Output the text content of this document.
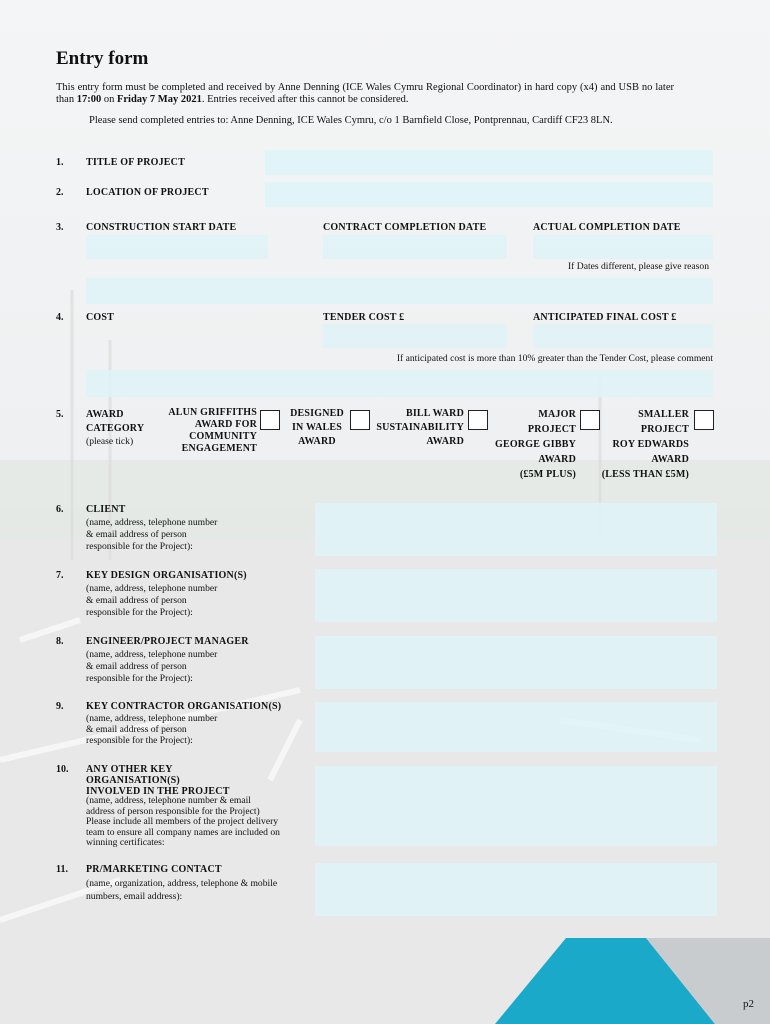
Entry form
This entry form must be completed and received by Anne Denning (ICE Wales Cymru Regional Coordinator) in hard copy (x4) and USB no later than 17:00 on Friday 7 May 2021. Entries received after this cannot be considered.
Please send completed entries to: Anne Denning, ICE Wales Cymru, c/o 1 Barnfield Close, Pontprennau, Cardiff CF23 8LN.
1. TITLE OF PROJECT
2. LOCATION OF PROJECT
3. CONSTRUCTION START DATE	CONTRACT COMPLETION DATE	ACTUAL COMPLETION DATE
If Dates different, please give reason
4. COST	TENDER COST £	ANTICIPATED FINAL COST £
If anticipated cost is more than 10% greater than the Tender Cost, please comment
5. AWARD
CATEGORY
(please tick)
ALUN GRIFFITHS
AWARD FOR
COMMUNITY
ENGAGEMENT
DESIGNED
IN WALES
AWARD
BILL WARD
SUSTAINABILITY
AWARD
MAJOR
PROJECT
GEORGE GIBBY
AWARD
(£5M PLUS)
SMALLER
PROJECT
ROY EDWARDS
AWARD
(LESS THAN £5M)
6. CLIENT
(name, address, telephone number
& email address of person
responsible for the Project):
7. KEY DESIGN ORGANISATION(S)
(name, address, telephone number
& email address of person
responsible for the Project):
8. ENGINEER/PROJECT MANAGER
(name, address, telephone number
& email address of person
responsible for the Project):
9. KEY CONTRACTOR ORGANISATION(S)
(name, address, telephone number
& email address of person
responsible for the Project):
10. ANY OTHER KEY
ORGANISATION(S)
INVOLVED IN THE PROJECT
(name, address, telephone number & email
address of person responsible for the Project)
Please include all members of the project delivery
team to ensure all company names are included on
winning certificates:
11. PR/MARKETING CONTACT
(name, organization, address, telephone & mobile
numbers, email address):
p2
